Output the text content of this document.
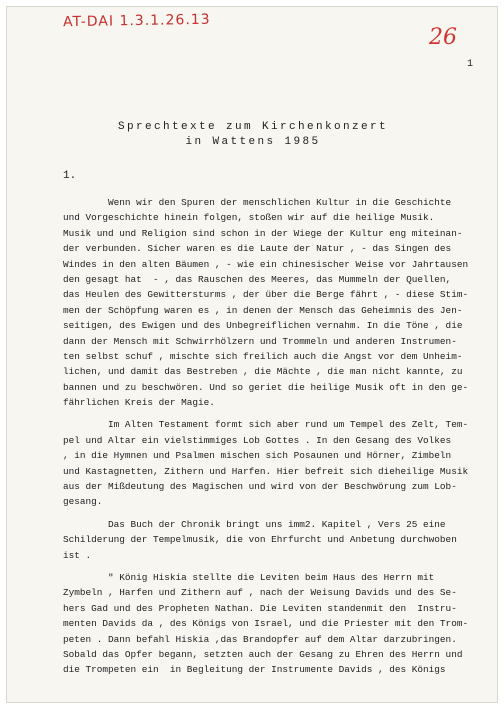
AT-DAI 1.3.1.26.13
26
1
Sprechtexte zum Kirchenkonzert
in Wattens 1985
1.
Wenn wir den Spuren der menschlichen Kultur in die Geschichte
und Vorgeschichte hinein folgen, stoßen wir auf die heilige Musik.
Musik und und Religion sind schon in der Wiege der Kultur eng miteinan-
der verbunden. Sicher waren es die Laute der Natur , - das Singen des
Windes in den alten Bäumen , - wie ein chinesischer Weise vor Jahrtausen
den gesagt hat  - , das Rauschen des Meeres, das Mummeln der Quellen,
das Heulen des Gewittersturms , der über die Berge fährt , - diese Stim-
men der Schöpfung waren es , in denen der Mensch das Geheimnis des Jen-
seitigen, des Ewigen und des Unbegreiflichen vernahm. In die Töne , die
dann der Mensch mit Schwirrhölzern und Trommeln und anderen Instrumen-
ten selbst schuf , mischte sich freilich auch die Angst vor dem Unheim-
lichen, und damit das Bestreben , die Mächte , die man nicht kannte, zu
bannen und zu beschwören. Und so geriet die heilige Musik oft in den ge-
fährlichen Kreis der Magie.
Im Alten Testament formt sich aber rund um Tempel des Zelt, Tem-
pel und Altar ein vielstimmiges Lob Gottes . In den Gesang des Volkes
, in die Hymnen und Psalmen mischen sich Posaunen und Hörner, Zimbeln
und Kastagnetten, Zithern und Harfen. Hier befreit sich dieheilige Musik
aus der Mißdeutung des Magischen und wird von der Beschwörung zum Lob-
gesang.
Das Buch der Chronik bringt uns imm2. Kapitel , Vers 25 eine
Schilderung der Tempelmusik, die von Ehrfurcht und Anbetung durchwoben
ist .
" König Hiskia stellte die Leviten beim Haus des Herrn mit
Zymbeln , Harfen und Zithern auf , nach der Weisung Davids und des Se-
hers Gad und des Propheten Nathan. Die Leviten standenmit den  Instru-
menten Davids da , des Königs von Israel, und die Priester mit den Trom-
peten . Dann befahl Hiskia ,das Brandopfer auf dem Altar darzubringen.
Sobald das Opfer begann, setzten auch der Gesang zu Ehren des Herrn und
die Trompeten ein  in Begleitung der Instrumente Davids , des Königs
